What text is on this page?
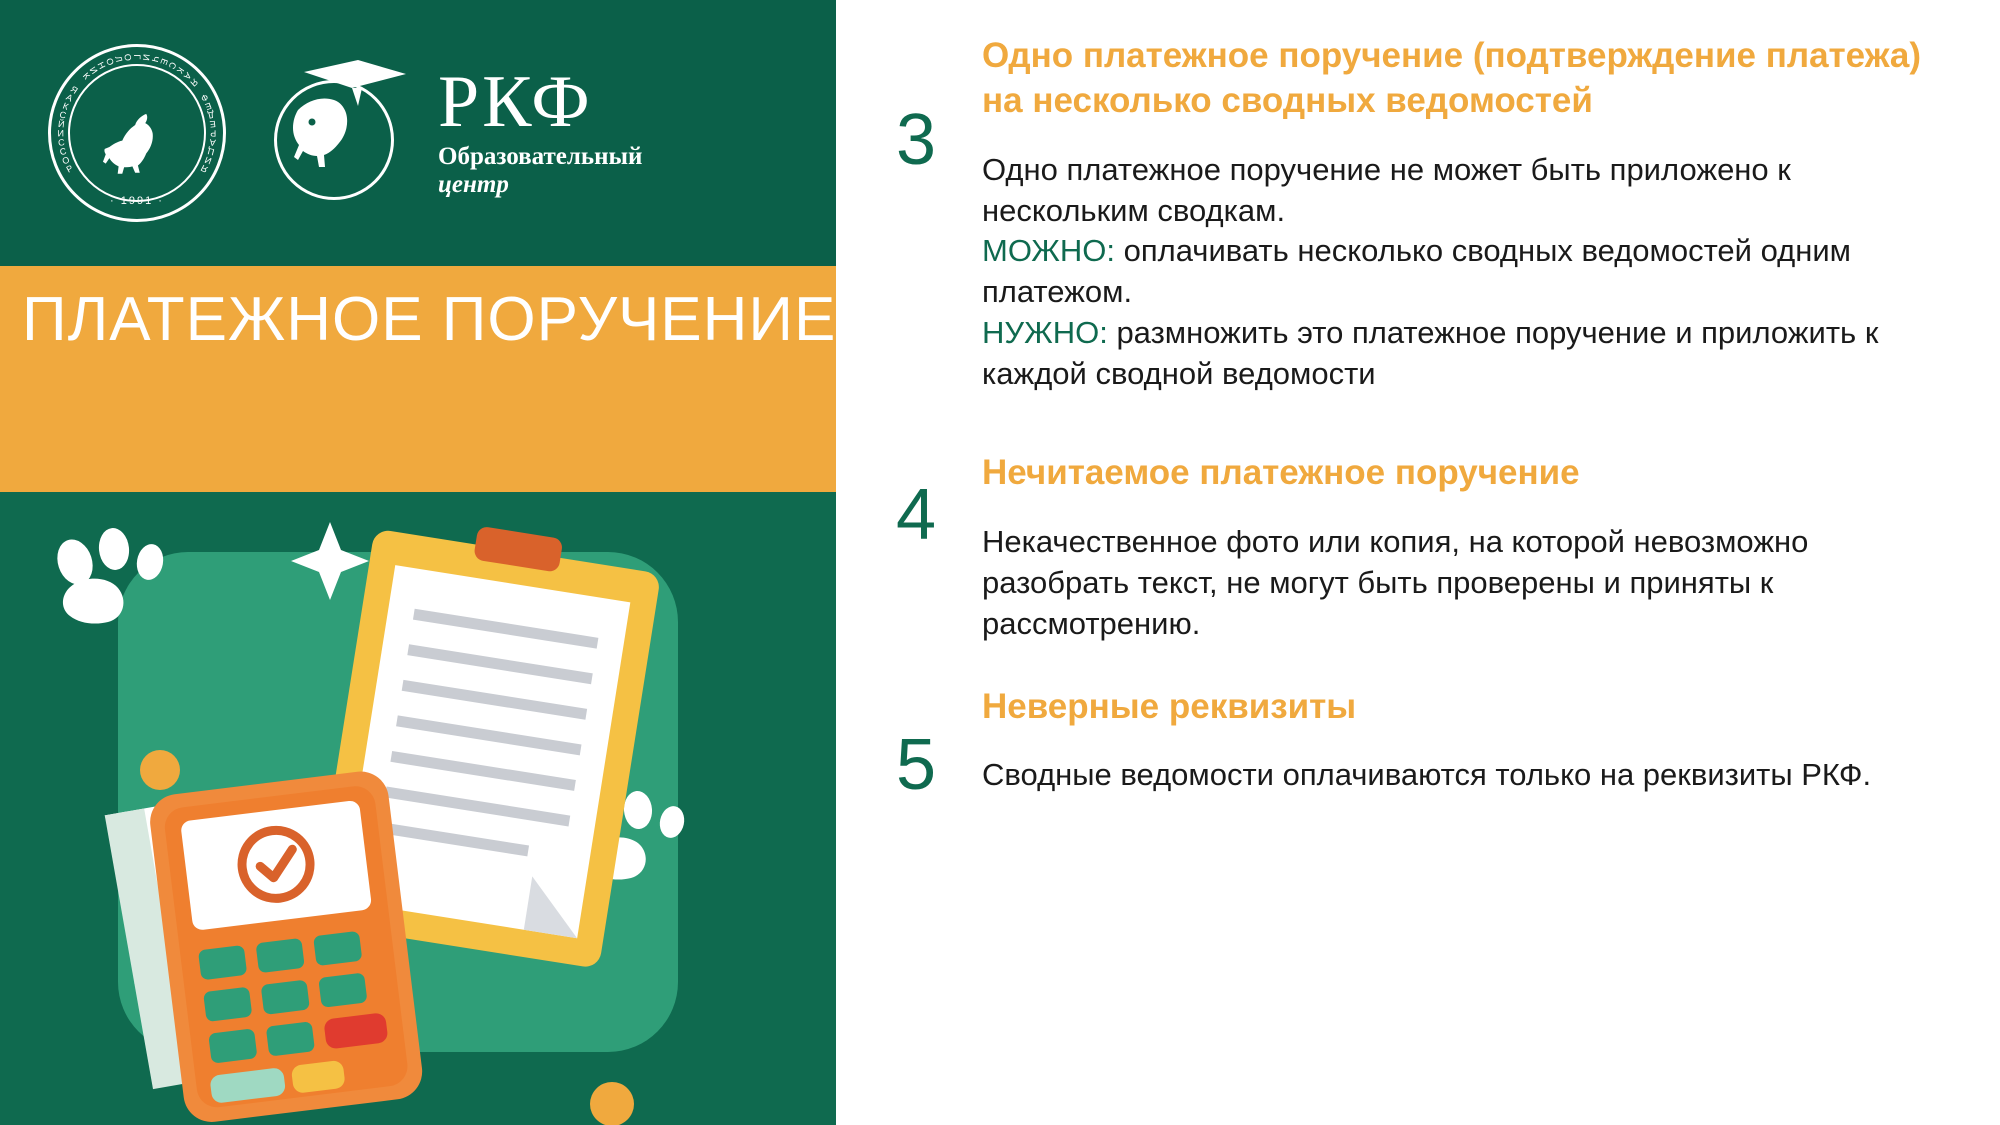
Р
О
С
С
И
Й
С
К
А
Я

К
И
Н
О
Л
О
Г
И
Ч
Е
С
К
А
Я

Ф
Е
Д
Е
Р
А
Ц
И
Я
· 1991 ·
РКФ
Образовательный
центр
ПЛАТЕЖНОЕ ПОРУЧЕНИЕ
3
Одно платежное поручение (подтверждение платежа) на несколько сводных ведомостей
Одно платежное поручение не может быть приложено к нескольким сводкам.
МОЖНО: оплачивать несколько сводных ведомостей одним платежом.
НУЖНО: размножить это платежное поручение и приложить к каждой сводной ведомости
4
Нечитаемое платежное поручение
Некачественное фото или копия, на которой невозможно разобрать текст, не могут быть проверены и приняты к рассмотрению.
5
Неверные реквизиты
Сводные ведомости оплачиваются только на реквизиты РКФ.
